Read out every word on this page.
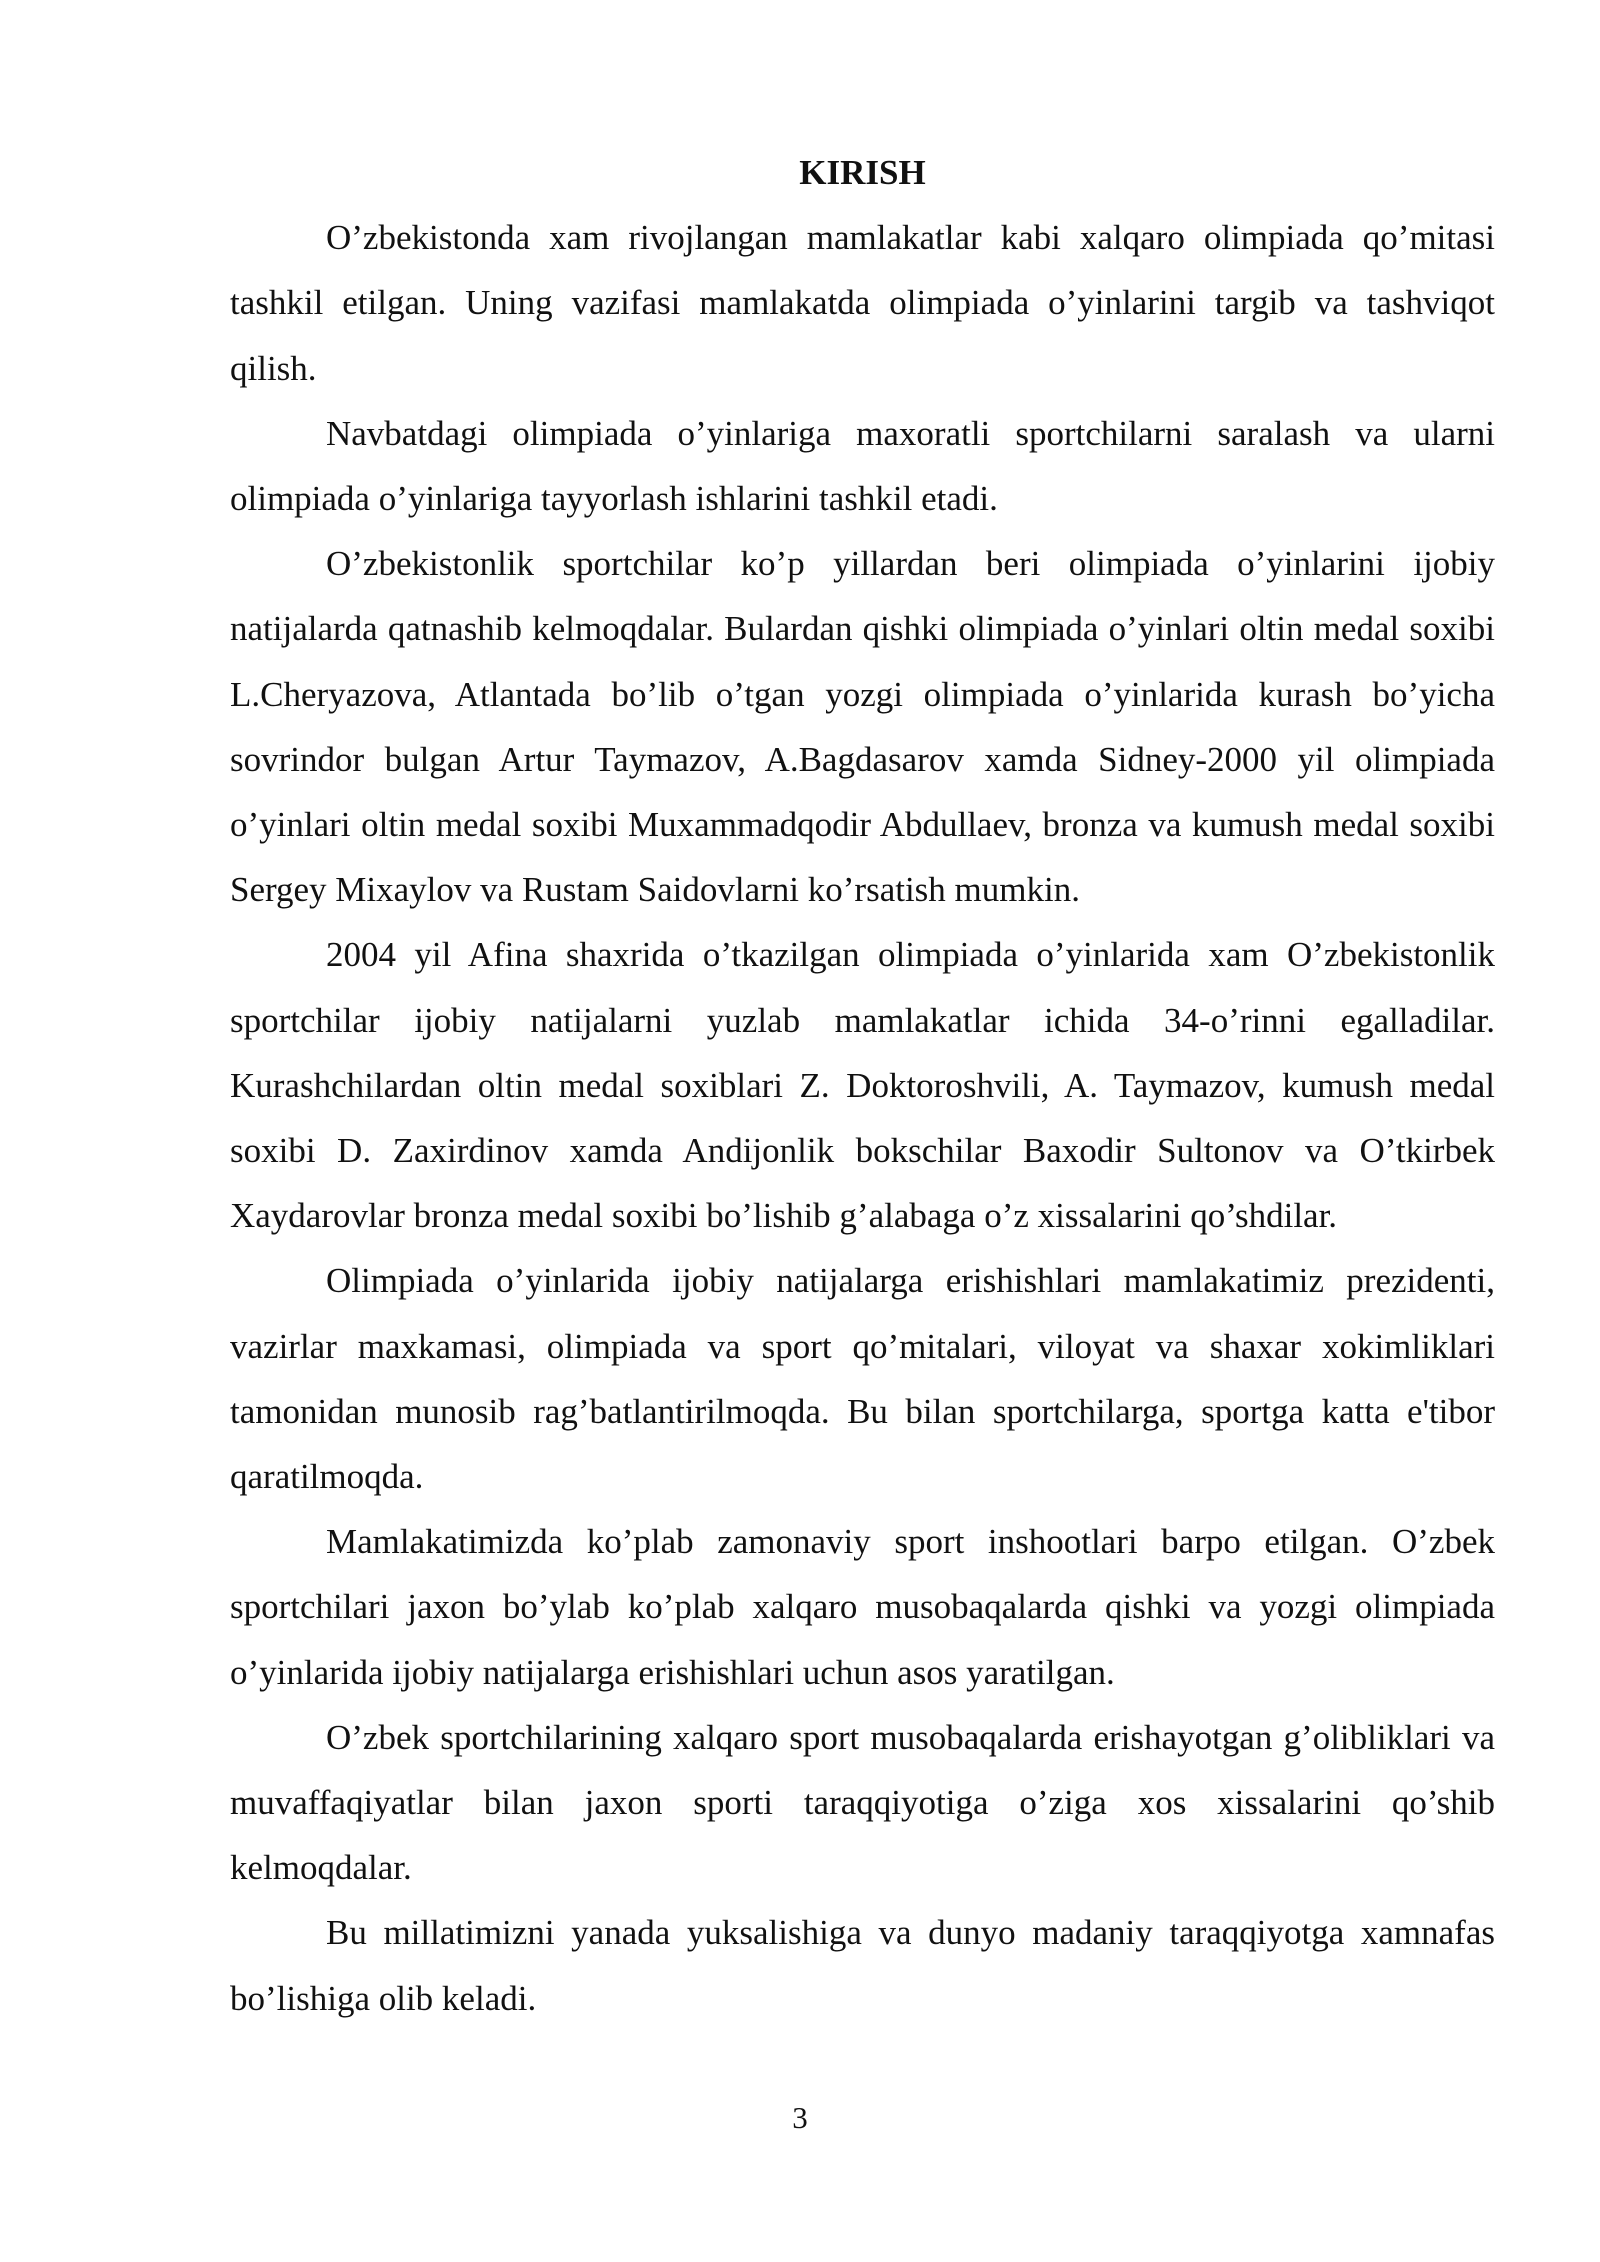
KIRISH

O’zbekistonda xam rivojlangan mamlakatlar kabi xalqaro olimpiada qo’mitasi tashkil etilgan. Uning vazifasi mamlakatda olimpiada o’yinlarini targib va tashviqot qilish.

Navbatdagi olimpiada o’yinlariga maxoratli sportchilarni saralash va ularni olimpiada o’yinlariga tayyorlash ishlarini tashkil etadi.

O’zbekistonlik sportchilar ko’p yillardan beri olimpiada o’yinlarini ijobiy natijalarda qatnashib kelmoqdalar. Bulardan qishki olimpiada o’yinlari oltin medal soxibi L.Cheryazova, Atlantada bo’lib o’tgan yozgi olimpiada o’yinlarida kurash bo’yicha sovrindor bulgan Artur Taymazov, A.Bagdasarov xamda Sidney-2000 yil olimpiada o’yinlari oltin medal soxibi Muxammadqodir Abdullaev, bronza va kumush medal soxibi Sergey Mixaylov va Rustam Saidovlarni ko’rsatish mumkin.

2004 yil Afina shaxrida o’tkazilgan olimpiada o’yinlarida xam O’zbekistonlik sportchilar ijobiy natijalarni yuzlab mamlakatlar ichida 34-o’rinni egalladilar. Kurashchilardan oltin medal soxiblari Z. Doktoroshvili, A. Taymazov, kumush medal soxibi D. Zaxirdinov xamda Andijonlik bokschilar Baxodir Sultonov va O’tkirbek Xaydarovlar bronza medal soxibi bo’lishib g’alabaga o’z xissalarini qo’shdilar.

Olimpiada o’yinlarida ijobiy natijalarga erishishlari mamlakatimiz prezidenti, vazirlar maxkamasi, olimpiada va sport qo’mitalari, viloyat va shaxar xokimliklari tamonidan munosib rag’batlantirilmoqda. Bu bilan sportchilarga, sportga katta e'tibor qaratilmoqda.

Mamlakatimizda ko’plab zamonaviy sport inshootlari barpo etilgan. O’zbek sportchilari jaxon bo’ylab ko’plab xalqaro musobaqalarda qishki va yozgi olimpiada o’yinlarida ijobiy natijalarga erishishlari uchun asos yaratilgan.

O’zbek sportchilarining xalqaro sport musobaqalarda erishayotgan g’olibliklari va muvaffaqiyatlar bilan jaxon sporti taraqqiyotiga o’ziga xos xissalarini qo’shib kelmoqdalar.

Bu millatimizni yanada yuksalishiga va dunyo madaniy taraqqiyotga xamnafas bo’lishiga olib keladi.

3
